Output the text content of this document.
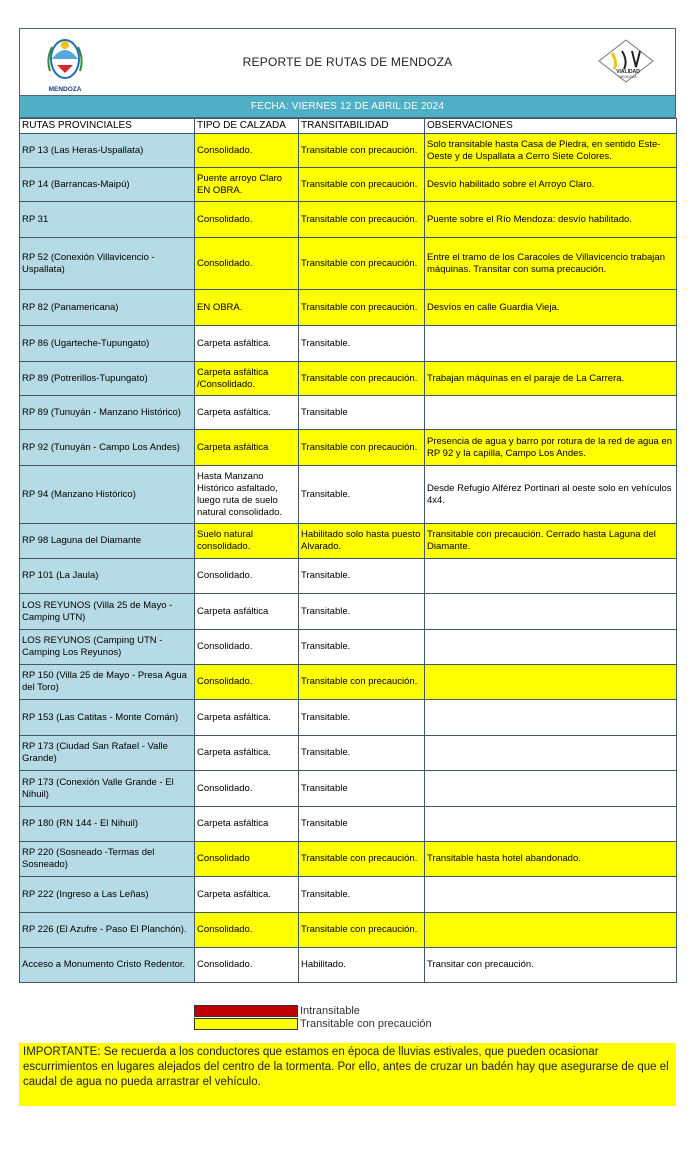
MENDOZA
REPORTE DE RUTAS DE MENDOZA
VIALIDAD
MENDOZA
FECHA: VIERNES 12 DE ABRIL DE 2024
RUTAS PROVINCIALES	TIPO DE CALZADA	TRANSITABILIDAD	OBSERVACIONES
RP 13 (Las Heras-Uspallata)	Consolidado.	Transitable con precaución.	Solo transitable hasta Casa de Piedra, en sentido Este-Oeste y de Uspallata a Cerro Siete Colores.
RP 14 (Barrancas-Maipú)	Puente arroyo Claro EN OBRA.	Transitable con precaución.	Desvío habilitado sobre el Arroyo Claro.
RP 31	Consolidado.	Transitable con precaución.	Puente sobre el Río Mendoza: desvío habilitado.
RP 52 (Conexión Villavicencio - Uspallata)	Consolidado.	Transitable con precaución.	Entre el tramo de los Caracoles de Villavicencio trabajan máquinas. Transitar con suma precaución.
RP 82 (Panamericana)	EN OBRA.	Transitable con precaución.	Desvíos en calle Guardia Vieja.
RP 86 (Ugarteche-Tupungato)	Carpeta asfáltica.	Transitable.	
RP 89 (Potrerillos-Tupungato)	Carpeta asfáltica /Consolidado.	Transitable con precaución.	Trabajan máquinas en el paraje de La Carrera.
RP 89 (Tunuyán - Manzano Histórico)	Carpeta asfáltica.	Transitable	
RP 92 (Tunuyán - Campo Los Andes)	Carpeta asfáltica	Transitable con precaución.	Presencia de agua y barro por rotura de la red de agua en RP 92 y la capilla, Campo Los Andes.
RP 94 (Manzano Histórico)	Hasta Manzano Histórico asfaltado, luego ruta de suelo natural consolidado.	Transitable.	Desde Refugio Alférez Portinari al oeste solo en vehículos 4x4.
RP 98 Laguna del Diamante	Suelo natural consolidado.	Habilitado solo hasta puesto Alvarado.	Transitable con precaución. Cerrado hasta Laguna del Diamante.
RP 101 (La Jaula)	Consolidado.	Transitable.	
LOS REYUNOS (Villa 25 de Mayo - Camping UTN)	Carpeta asfáltica	Transitable.	
LOS REYUNOS (Camping UTN - Camping Los Reyunos)	Consolidado.	Transitable.	
RP 150 (Villa 25 de Mayo - Presa Agua del Toro)	Consolidado.	Transitable con precaución.	
RP 153 (Las Catitas - Monte Comán)	Carpeta asfáltica.	Transitable.	
RP 173 (Ciudad San Rafael - Valle Grande)	Carpeta asfáltica.	Transitable.	
RP 173 (Conexión Valle Grande - El Nihuil)	Consolidado.	Transitable	
RP 180 (RN 144 - El Nihuil)	Carpeta asfáltica	Transitable	
RP 220 (Sosneado -Termas del Sosneado)	Consolidado	Transitable con precaución.	Transitable hasta hotel abandonado.
RP 222 (Ingreso a Las Leñas)	Carpeta asfáltica.	Transitable.	
RP 226 (El Azufre - Paso El Planchón).	Consolidado.	Transitable con precaución.	
Acceso a Monumento Cristo Redentor.	Consolidado.	Habilitado.	Transitar con precaución.
Intransitable
Transitable con precaución
IMPORTANTE: Se recuerda a los conductores que estamos en época de lluvias estivales, que pueden ocasionar escurrimientos en lugares alejados del centro de la tormenta. Por ello, antes de cruzar un badén hay que asegurarse de que el caudal de agua no pueda arrastrar el vehículo.
